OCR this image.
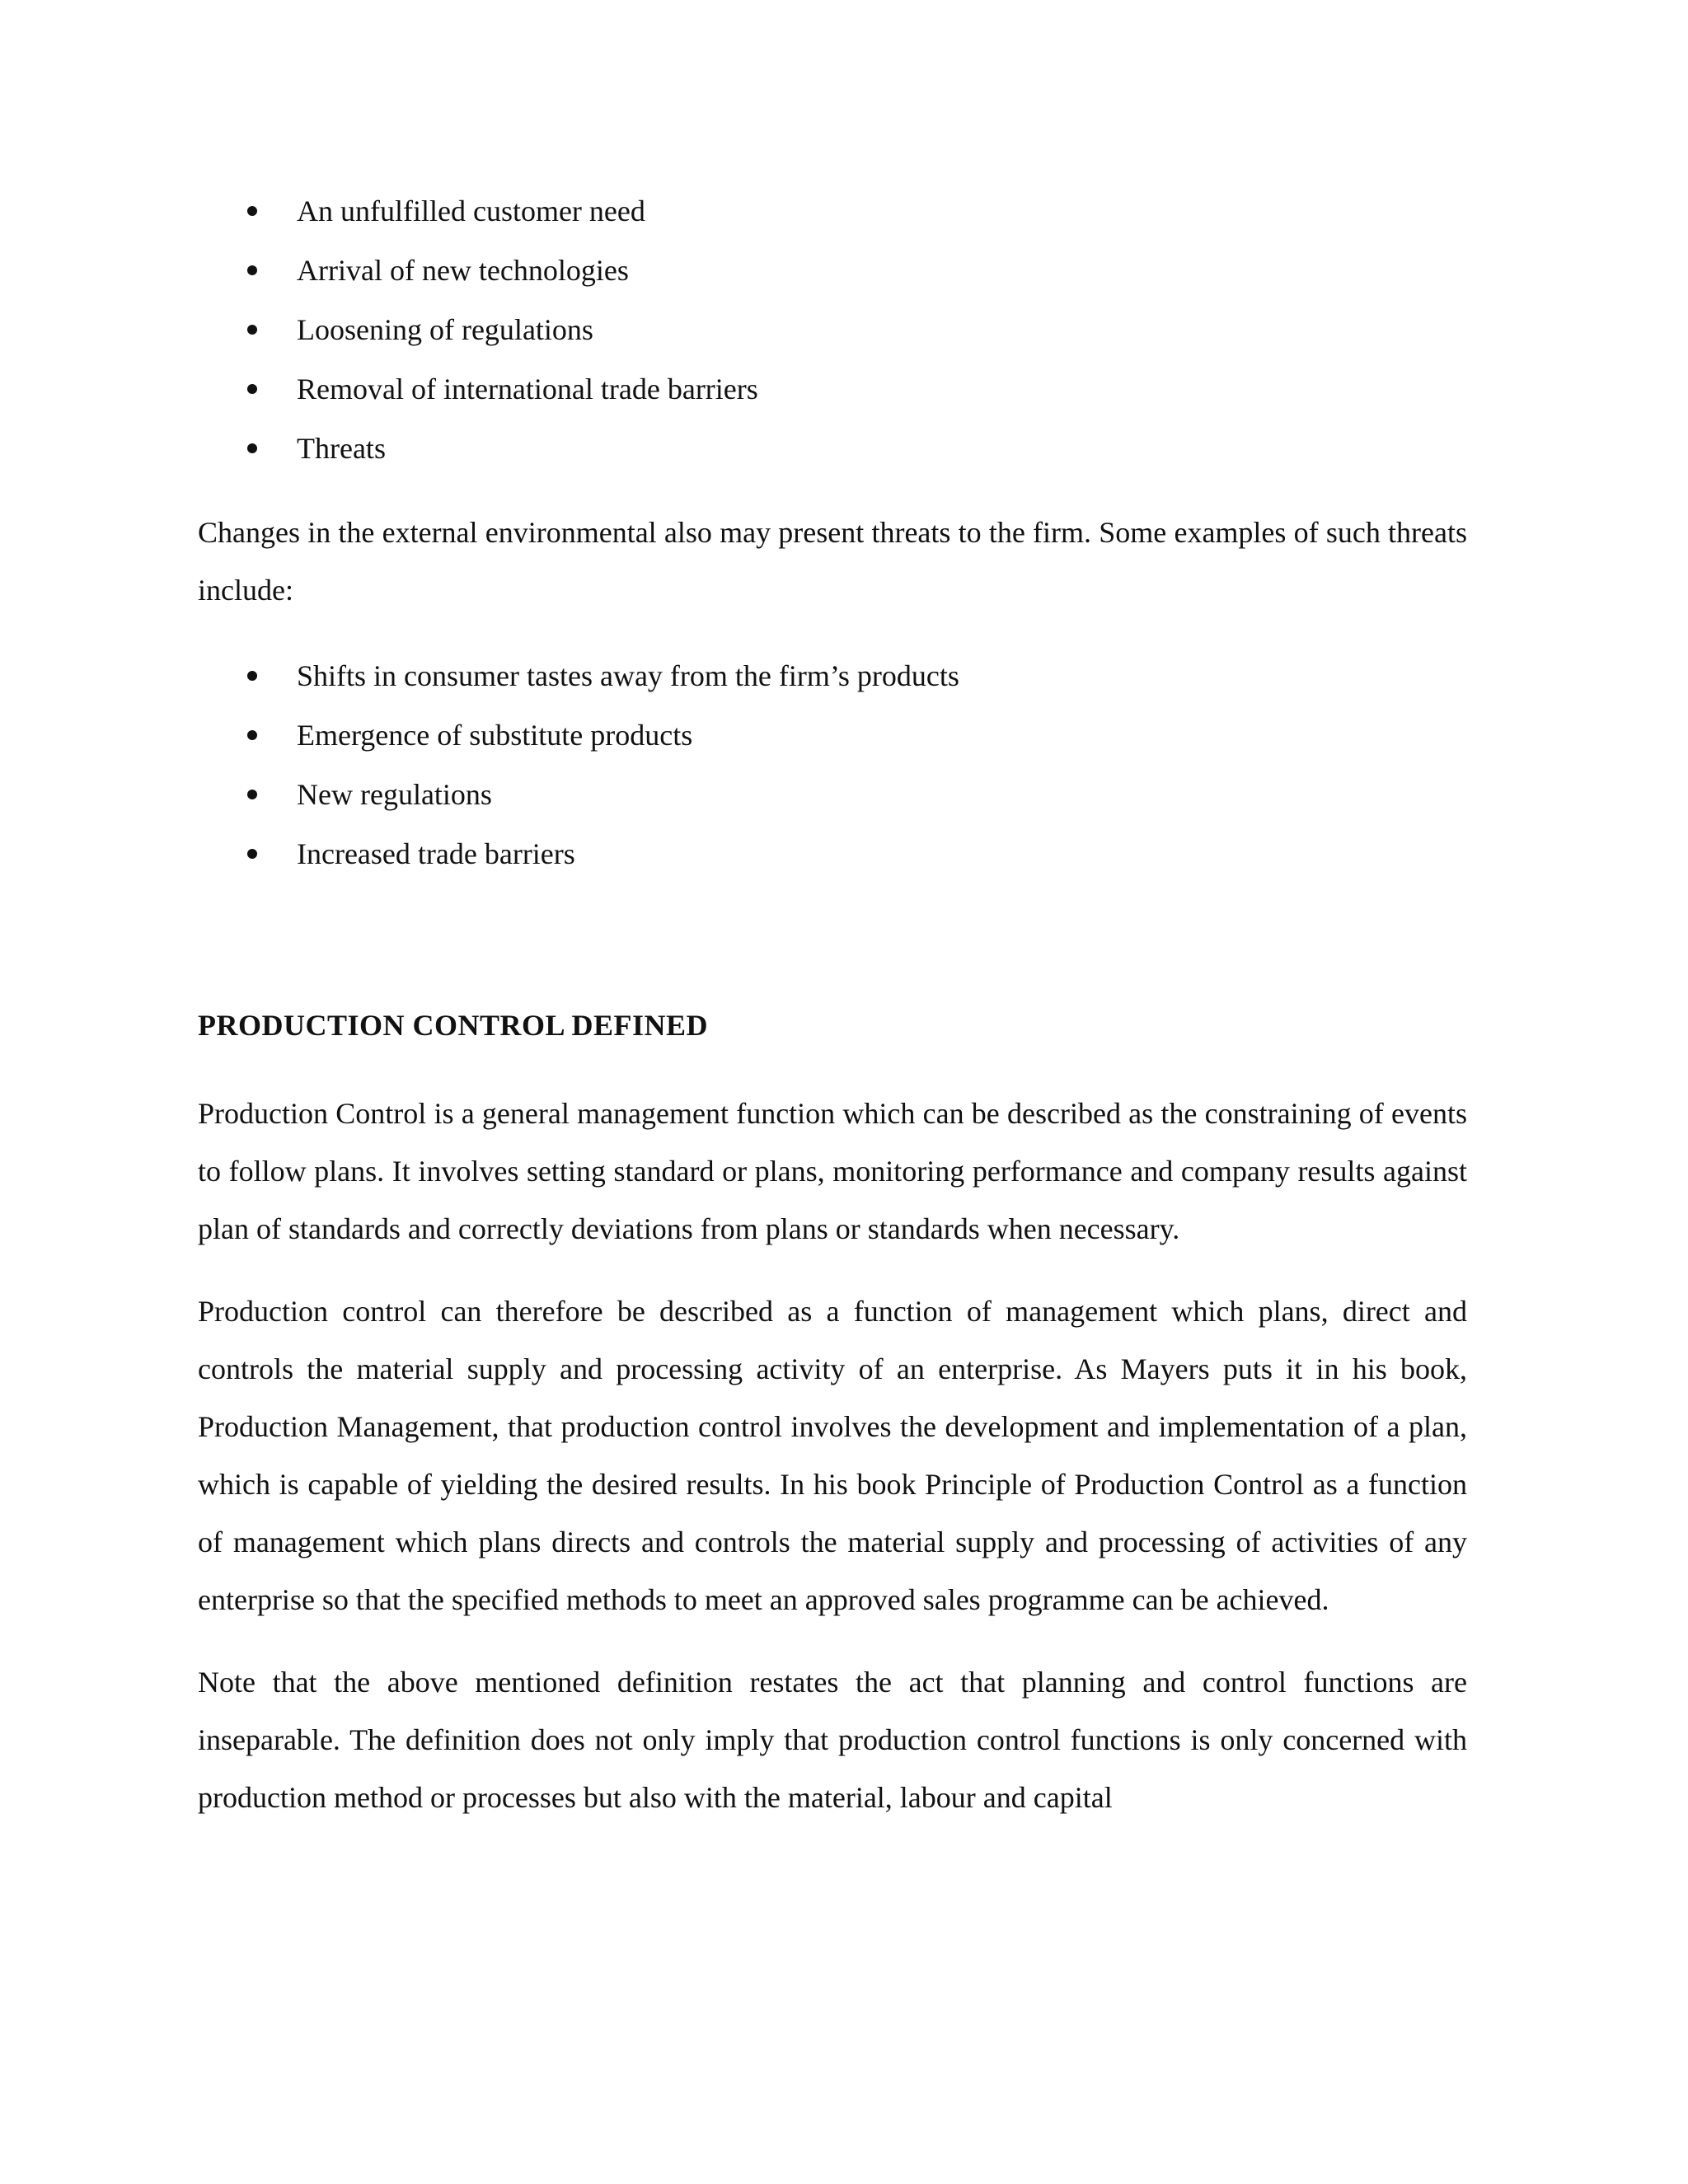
An unfulfilled customer need
Arrival of new technologies
Loosening of regulations
Removal of international trade barriers
Threats

Changes in the external environmental also may present threats to the firm. Some examples of such threats include:

Shifts in consumer tastes away from the firm’s products
Emergence of substitute products
New regulations
Increased trade barriers
PRODUCTION CONTROL DEFINED

Production Control is a general management function which can be described as the constraining of events to follow plans. It involves setting standard or plans, monitoring performance and company results against plan of standards and correctly deviations from plans or standards when necessary.

Production control can therefore be described as a function of management which plans, direct and controls the material supply and processing activity of an enterprise. As Mayers puts it in his book, Production Management, that production control involves the development and implementation of a plan, which is capable of yielding the desired results. In his book Principle of Production Control as a function of management which plans directs and controls the material supply and processing of activities of any enterprise so that the specified methods to meet an approved sales programme can be achieved.

Note that the above mentioned definition restates the act that planning and control functions are inseparable. The definition does not only imply that production control functions is only concerned with production method or processes but also with the material, labour and capital
